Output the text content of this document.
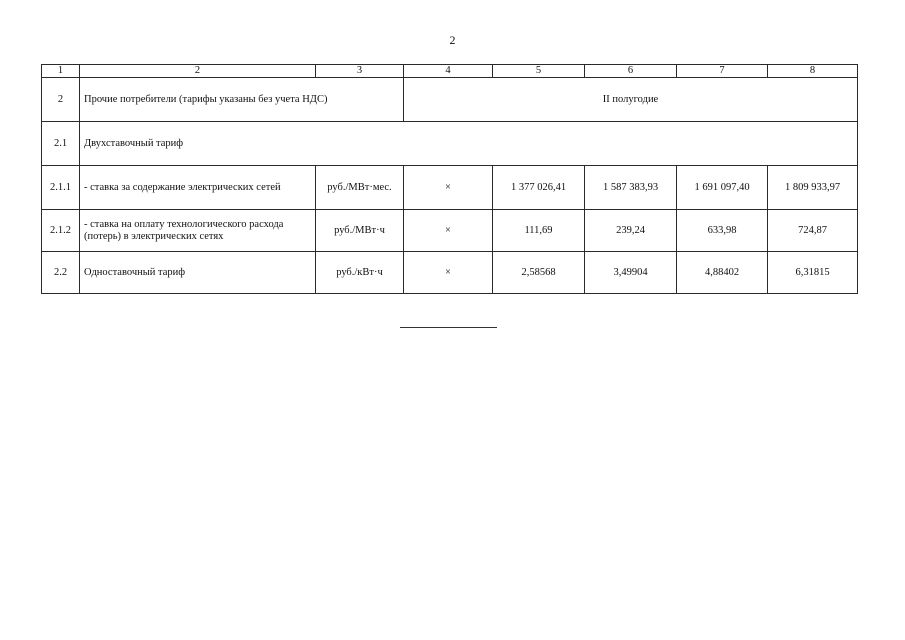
2
1	2	3	4	5	6	7	8
2	Прочие потребители (тарифы указаны без учета НДС)		II полугодие				
2.1	Двухставочный тариф						
2.1.1	- ставка за содержание электрических сетей	руб./МВт·мес.	×	1 377 026,41	1 587 383,93	1 691 097,40	1 809 933,97
2.1.2	- ставка на оплату технологического расхода (потерь) в электрических сетях	руб./МВт·ч	×	111,69	239,24	633,98	724,87
2.2	Одноставочный тариф	руб./кВт·ч	×	2,58568	3,49904	4,88402	6,31815
